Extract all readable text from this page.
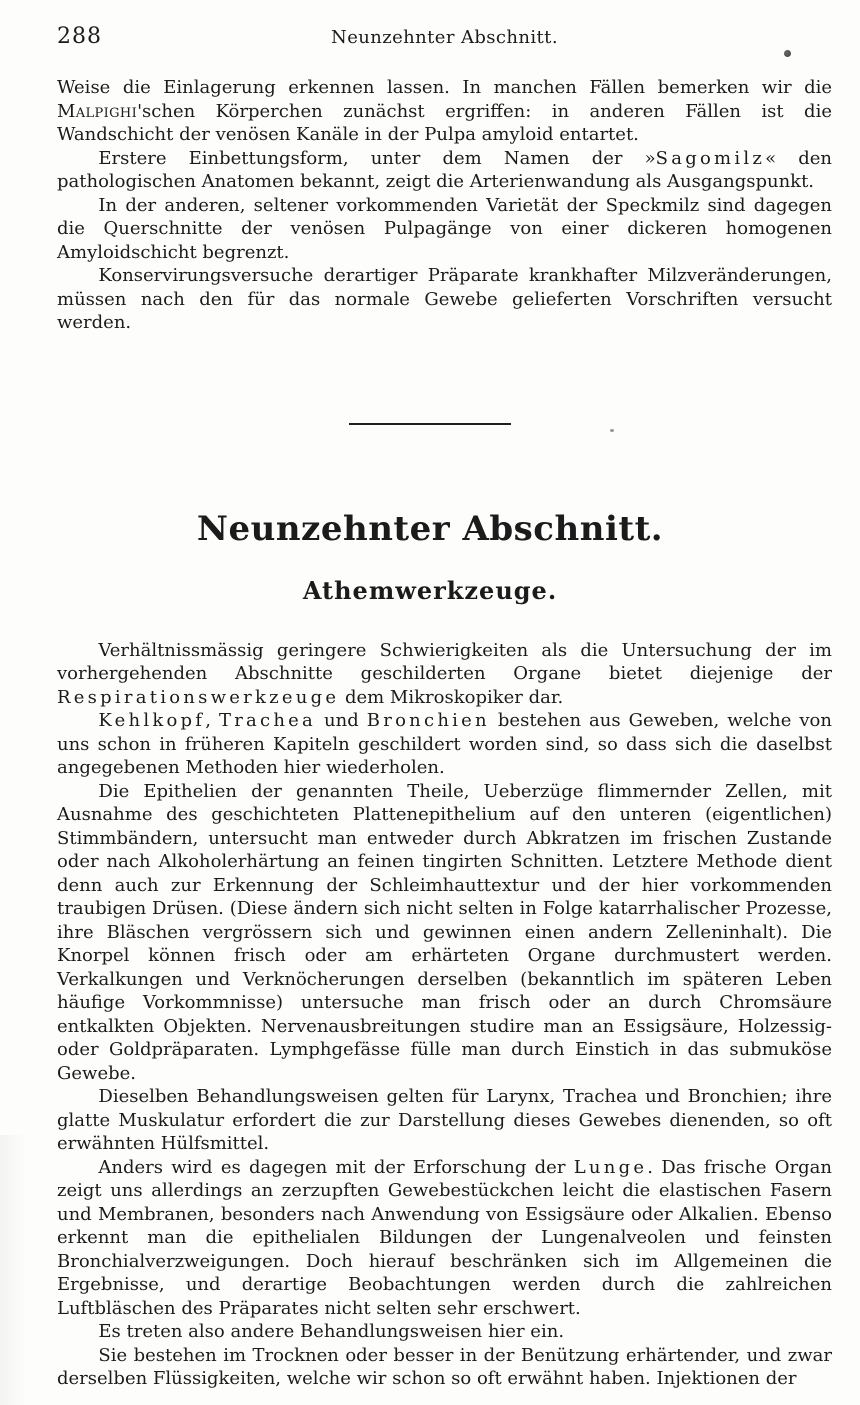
288	Neunzehnter Abschnitt.

Weise die Einlagerung erkennen lassen. In manchen Fällen bemerken wir die Malpighi'schen Körperchen zunächst ergriffen: in anderen Fällen ist die Wandschicht der venösen Kanäle in der Pulpa amyloid entartet.

Erstere Einbettungsform, unter dem Namen der »Sagomilz« den pathologischen Anatomen bekannt, zeigt die Arterienwandung als Ausgangspunkt.

In der anderen, seltener vorkommenden Varietät der Speckmilz sind dagegen die Querschnitte der venösen Pulpagänge von einer dickeren homogenen Amyloidschicht begrenzt.

Konservirungsversuche derartiger Präparate krankhafter Milzveränderungen, müssen nach den für das normale Gewebe gelieferten Vorschriften versucht werden.

Neunzehnter Abschnitt.
Athemwerkzeuge.

Verhältnissmässig geringere Schwierigkeiten als die Untersuchung der im vorhergehenden Abschnitte geschilderten Organe bietet diejenige der Respirationswerkzeuge dem Mikroskopiker dar.

Kehlkopf, Trachea und Bronchien bestehen aus Geweben, welche von uns schon in früheren Kapiteln geschildert worden sind, so dass sich die daselbst angegebenen Methoden hier wiederholen.

Die Epithelien der genannten Theile, Ueberzüge flimmernder Zellen, mit Ausnahme des geschichteten Plattenepithelium auf den unteren (eigentlichen) Stimmbändern, untersucht man entweder durch Abkratzen im frischen Zustande oder nach Alkoholerhärtung an feinen tingirten Schnitten. Letztere Methode dient denn auch zur Erkennung der Schleimhauttextur und der hier vorkommenden traubigen Drüsen. (Diese ändern sich nicht selten in Folge katarrhalischer Prozesse, ihre Bläschen vergrössern sich und gewinnen einen andern Zelleninhalt). Die Knorpel können frisch oder am erhärteten Organe durchmustert werden. Verkalkungen und Verknöcherungen derselben (bekanntlich im späteren Leben häufige Vorkommnisse) untersuche man frisch oder an durch Chromsäure entkalkten Objekten. Nervenausbreitungen studire man an Essigsäure, Holzessig- oder Goldpräparaten. Lymphgefässe fülle man durch Einstich in das submuköse Gewebe.

Dieselben Behandlungsweisen gelten für Larynx, Trachea und Bronchien; ihre glatte Muskulatur erfordert die zur Darstellung dieses Gewebes dienenden, so oft erwähnten Hülfsmittel.

Anders wird es dagegen mit der Erforschung der Lunge. Das frische Organ zeigt uns allerdings an zerzupften Gewebestückchen leicht die elastischen Fasern und Membranen, besonders nach Anwendung von Essigsäure oder Alkalien. Ebenso erkennt man die epithelialen Bildungen der Lungenalveolen und feinsten Bronchialverzweigungen. Doch hierauf beschränken sich im Allgemeinen die Ergebnisse, und derartige Beobachtungen werden durch die zahlreichen Luftbläschen des Präparates nicht selten sehr erschwert.

Es treten also andere Behandlungsweisen hier ein.

Sie bestehen im Trocknen oder besser in der Benützung erhärtender, und zwar derselben Flüssigkeiten, welche wir schon so oft erwähnt haben. Injektionen der
